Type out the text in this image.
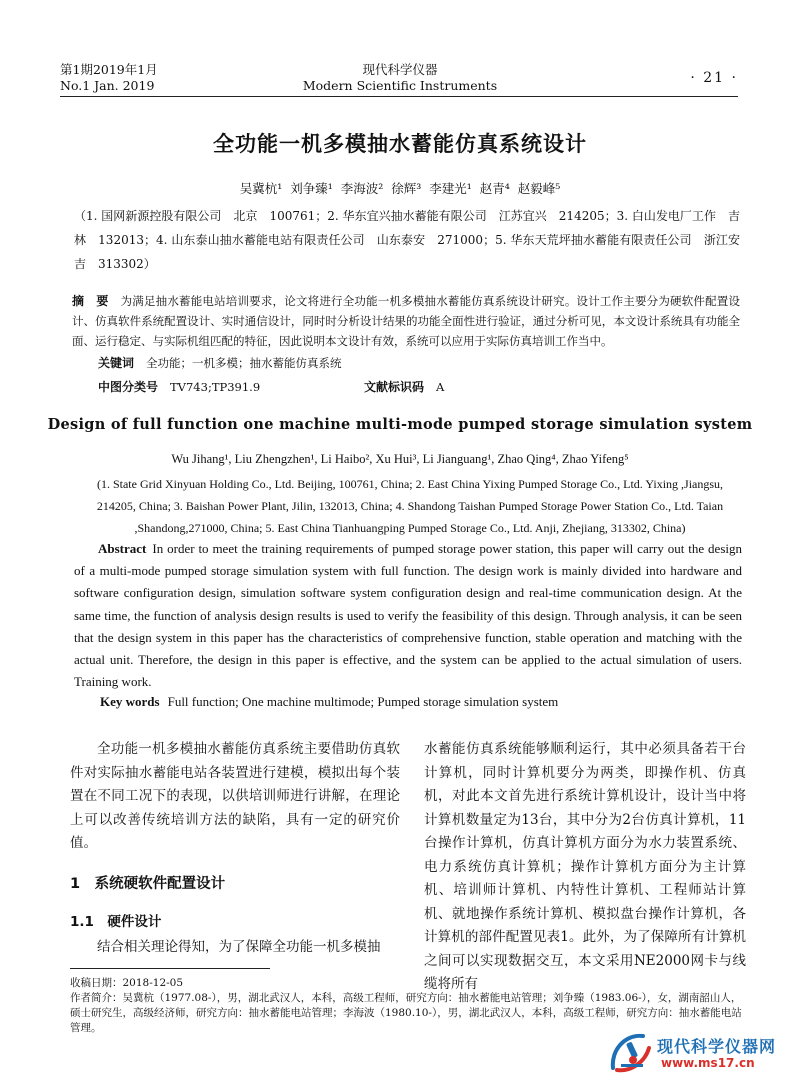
第1期2019年1月
No.1 Jan. 2019
现代科学仪器
Modern Scientific Instruments	· 21 ·
全功能一机多模抽水蓄能仿真系统设计
吴冀杭¹ 刘争臻¹ 李海波² 徐辉³ 李建光¹ 赵青⁴ 赵毅峰⁵
（1. 国网新源控股有限公司　北京　100761；2. 华东宜兴抽水蓄能有限公司　江苏宜兴　214205；3. 白山发电厂工作　吉林　132013；4. 山东泰山抽水蓄能电站有限责任公司　山东泰安　271000；5. 华东天荒坪抽水蓄能有限责任公司　浙江安吉　313302）
摘　要 为满足抽水蓄能电站培训要求，论文将进行全功能一机多模抽水蓄能仿真系统设计研究。设计工作主要分为硬软件配置设计、仿真软件系统配置设计、实时通信设计，同时时分析设计结果的功能全面性进行验证，通过分析可见，本文设计系统具有功能全面、运行稳定、与实际机组匹配的特征，因此说明本文设计有效，系统可以应用于实际仿真培训工作当中。
关键词 全功能；一机多模；抽水蓄能仿真系统
中图分类号 TV743;TP391.9	文献标识码 A
Design of full function one machine multi-mode pumped storage simulation system
Wu Jihang¹, Liu Zhengzhen¹, Li Haibo², Xu Hui³, Li Jianguang¹, Zhao Qing⁴, Zhao Yifeng⁵
(1. State Grid Xinyuan Holding Co., Ltd. Beijing, 100761, China; 2. East China Yixing Pumped Storage Co., Ltd. Yixing ,Jiangsu, 214205, China; 3. Baishan Power Plant, Jilin, 132013, China; 4. Shandong Taishan Pumped Storage Power Station Co., Ltd. Taian ,Shandong,271000, China; 5. East China Tianhuangping Pumped Storage Co., Ltd. Anji, Zhejiang, 313302, China)
Abstract In order to meet the training requirements of pumped storage power station, this paper will carry out the design of a multi-mode pumped storage simulation system with full function. The design work is mainly divided into hardware and software configuration design, simulation software system configuration design and real-time communication design. At the same time, the function of analysis design results is used to verify the feasibility of this design. Through analysis, it can be seen that the design system in this paper has the characteristics of comprehensive function, stable operation and matching with the actual unit. Therefore, the design in this paper is effective, and the system can be applied to the actual simulation of users. Training work.
Key words Full function; One machine multimode; Pumped storage simulation system

全功能一机多模抽水蓄能仿真系统主要借助仿真软件对实际抽水蓄能电站各装置进行建模，模拟出每个装置在不同工况下的表现，以供培训师进行讲解，在理论上可以改善传统培训方法的缺陷，具有一定的研究价值。

1　系统硬软件配置设计
1.1　硬件设计

结合相关理论得知，为了保障全功能一机多模抽

水蓄能仿真系统能够顺利运行，其中必须具备若干台计算机，同时计算机要分为两类，即操作机、仿真机，对此本文首先进行系统计算机设计，设计当中将计算机数量定为13台，其中分为2台仿真计算机，11台操作计算机，仿真计算机方面分为水力装置系统、电力系统仿真计算机；操作计算机方面分为主计算机、培训师计算机、内特性计算机、工程师站计算机、就地操作系统计算机、模拟盘台操作计算机，各计算机的部件配置见表1。此外，为了保障所有计算机之间可以实现数据交互，本文采用NE2000网卡与线缆将所有

收稿日期：2018-12-05
作者简介：吴冀杭（1977.08-），男，湖北武汉人，本科，高级工程师，研究方向：抽水蓄能电站管理；刘争臻（1983.06-），女，湖南韶山人，硕士研究生，高级经济师，研究方向：抽水蓄能电站管理；李海波（1980.10-），男，湖北武汉人，本科，高级工程师，研究方向：抽水蓄能电站管理。
现代科学仪器网
www.ms17.cn
